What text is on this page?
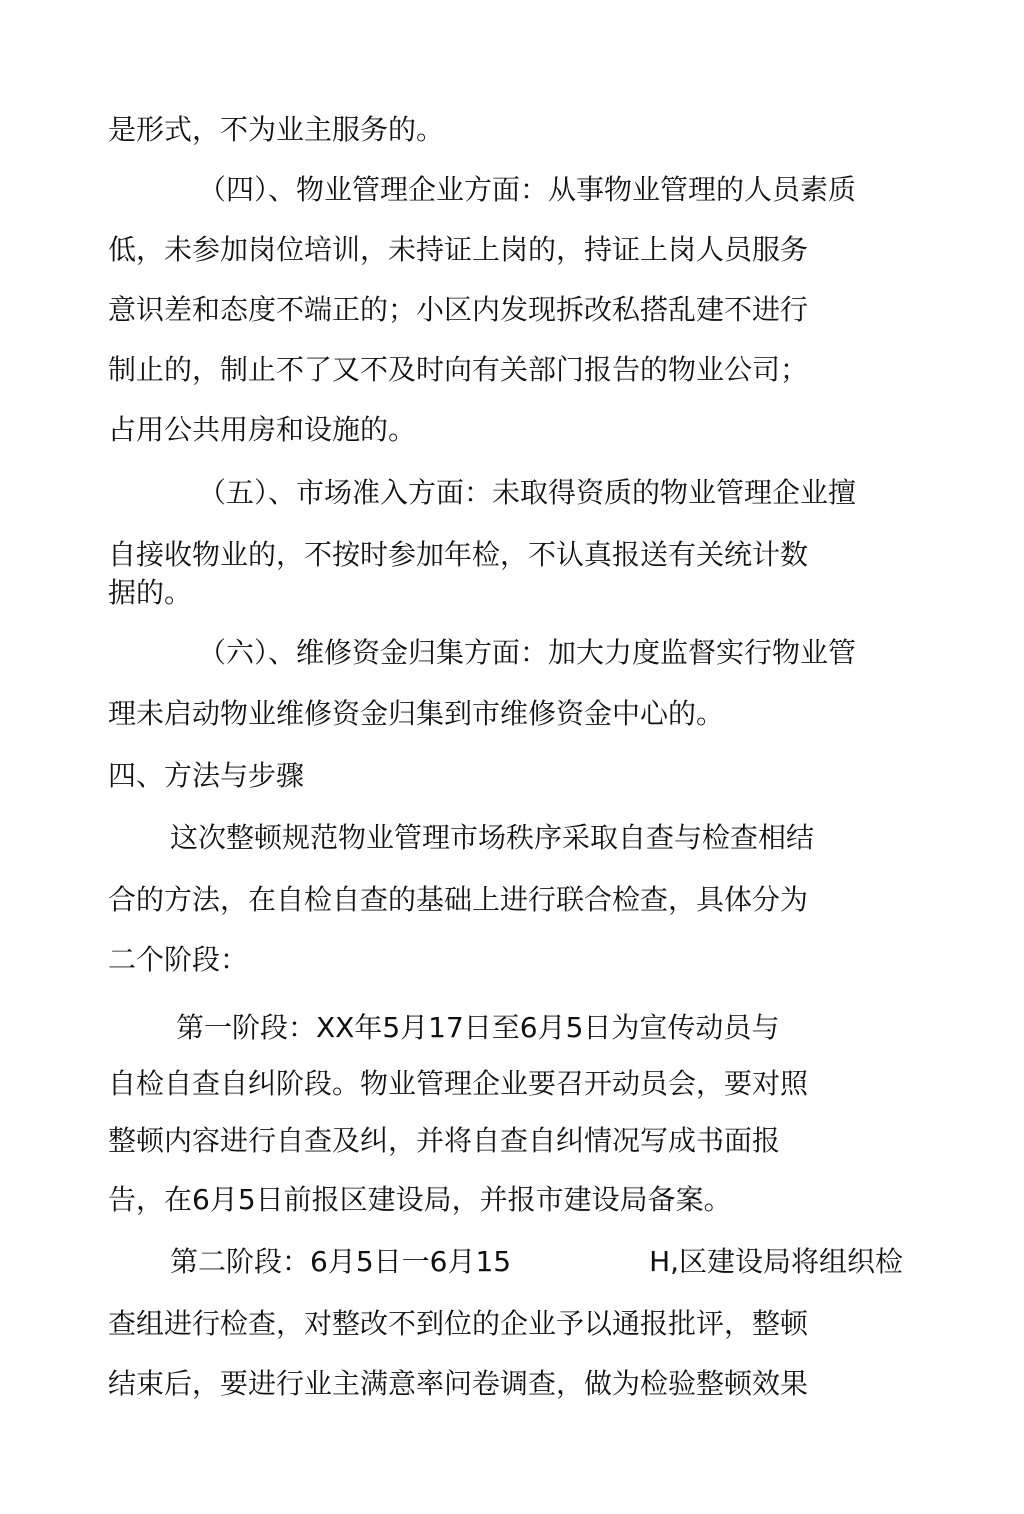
是形式，不为业主服务的。
（四）、物业管理企业方面：从事物业管理的人员素质
低，未参加岗位培训，未持证上岗的，持证上岗人员服务
意识差和态度不端正的；小区内发现拆改私搭乱建不进行
制止的，制止不了又不及时向有关部门报告的物业公司；
占用公共用房和设施的。
（五）、市场准入方面：未取得资质的物业管理企业擅
自接收物业的，不按时参加年检，不认真报送有关统计数
据的。
（六）、维修资金归集方面：加大力度监督实行物业管
理未启动物业维修资金归集到市维修资金中心的。
四、方法与步骤
这次整顿规范物业管理市场秩序采取自查与检查相结
合的方法，在自检自查的基础上进行联合检查，具体分为
二个阶段：
第一阶段：XX年5月17日至6月5日为宣传动员与
自检自查自纠阶段。物业管理企业要召开动员会，要对照
整顿内容进行自查及纠，并将自查自纠情况写成书面报
告，在6月5日前报区建设局，并报市建设局备案。
第二阶段：6月5日一6月15	H,区建设局将组织检
查组进行检查，对整改不到位的企业予以通报批评，整顿
结束后，要进行业主满意率问卷调查，做为检验整顿效果
